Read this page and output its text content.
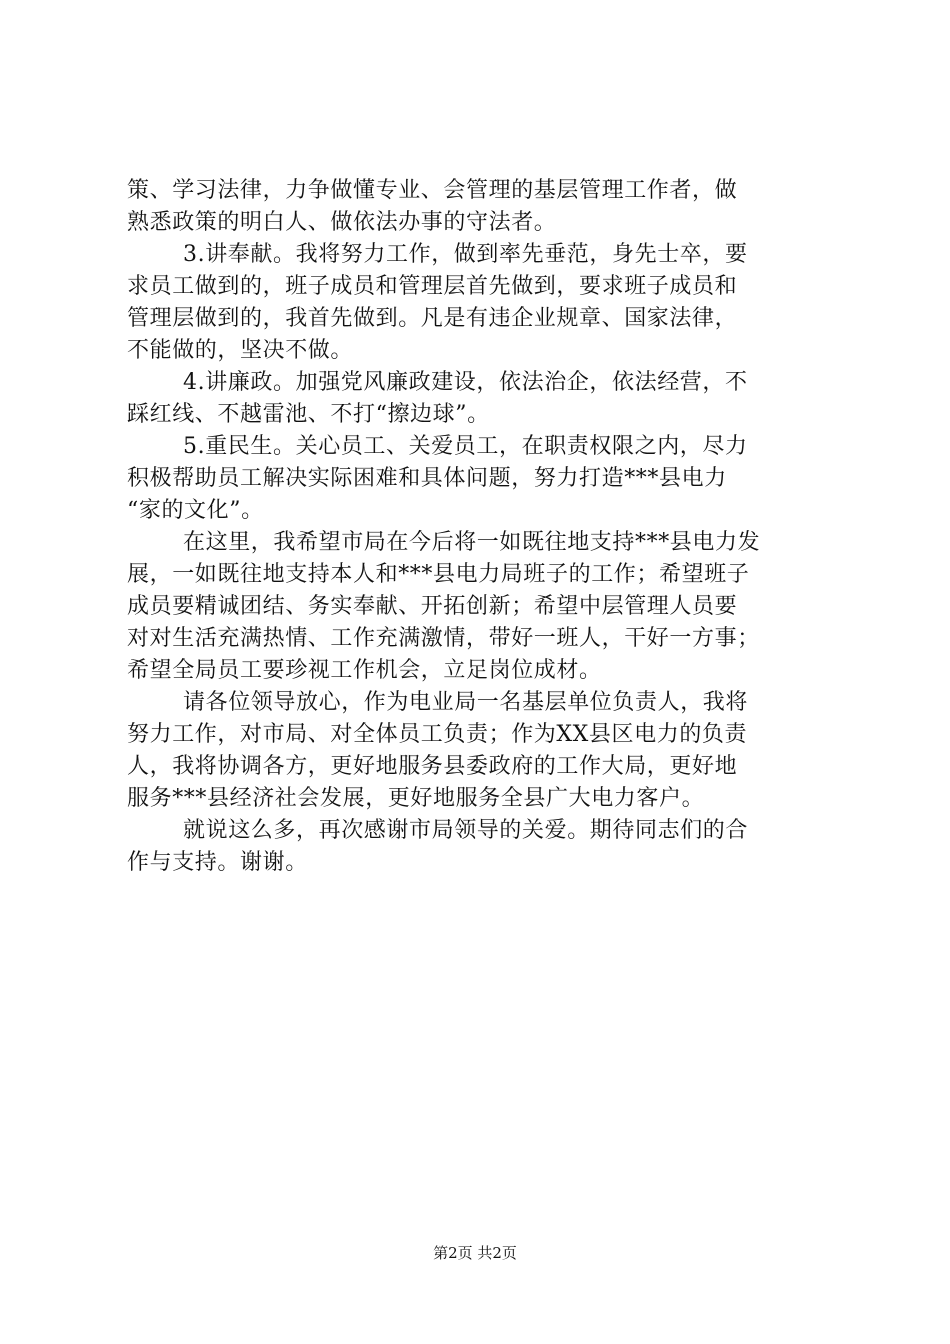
策、学习法律，力争做懂专业、会管理的基层管理工作者，做
熟悉政策的明白人、做依法办事的守法者。
3.讲奉献。我将努力工作，做到率先垂范，身先士卒，要
求员工做到的，班子成员和管理层首先做到，要求班子成员和
管理层做到的，我首先做到。凡是有违企业规章、国家法律，
不能做的，坚决不做。
4.讲廉政。加强党风廉政建设，依法治企，依法经营，不
踩红线、不越雷池、不打“擦边球”。
5.重民生。关心员工、关爱员工，在职责权限之内，尽力
积极帮助员工解决实际困难和具体问题，努力打造***县电力
“家的文化”。
在这里，我希望市局在今后将一如既往地支持***县电力发
展，一如既往地支持本人和***县电力局班子的工作；希望班子
成员要精诚团结、务实奉献、开拓创新；希望中层管理人员要
对对生活充满热情、工作充满激情，带好一班人，干好一方事；
希望全局员工要珍视工作机会，立足岗位成材。
请各位领导放心，作为电业局一名基层单位负责人，我将
努力工作，对市局、对全体员工负责；作为XX县区电力的负责
人，我将协调各方，更好地服务县委政府的工作大局，更好地
服务***县经济社会发展，更好地服务全县广大电力客户。
就说这么多，再次感谢市局领导的关爱。期待同志们的合
作与支持。谢谢。
第2页 共2页
